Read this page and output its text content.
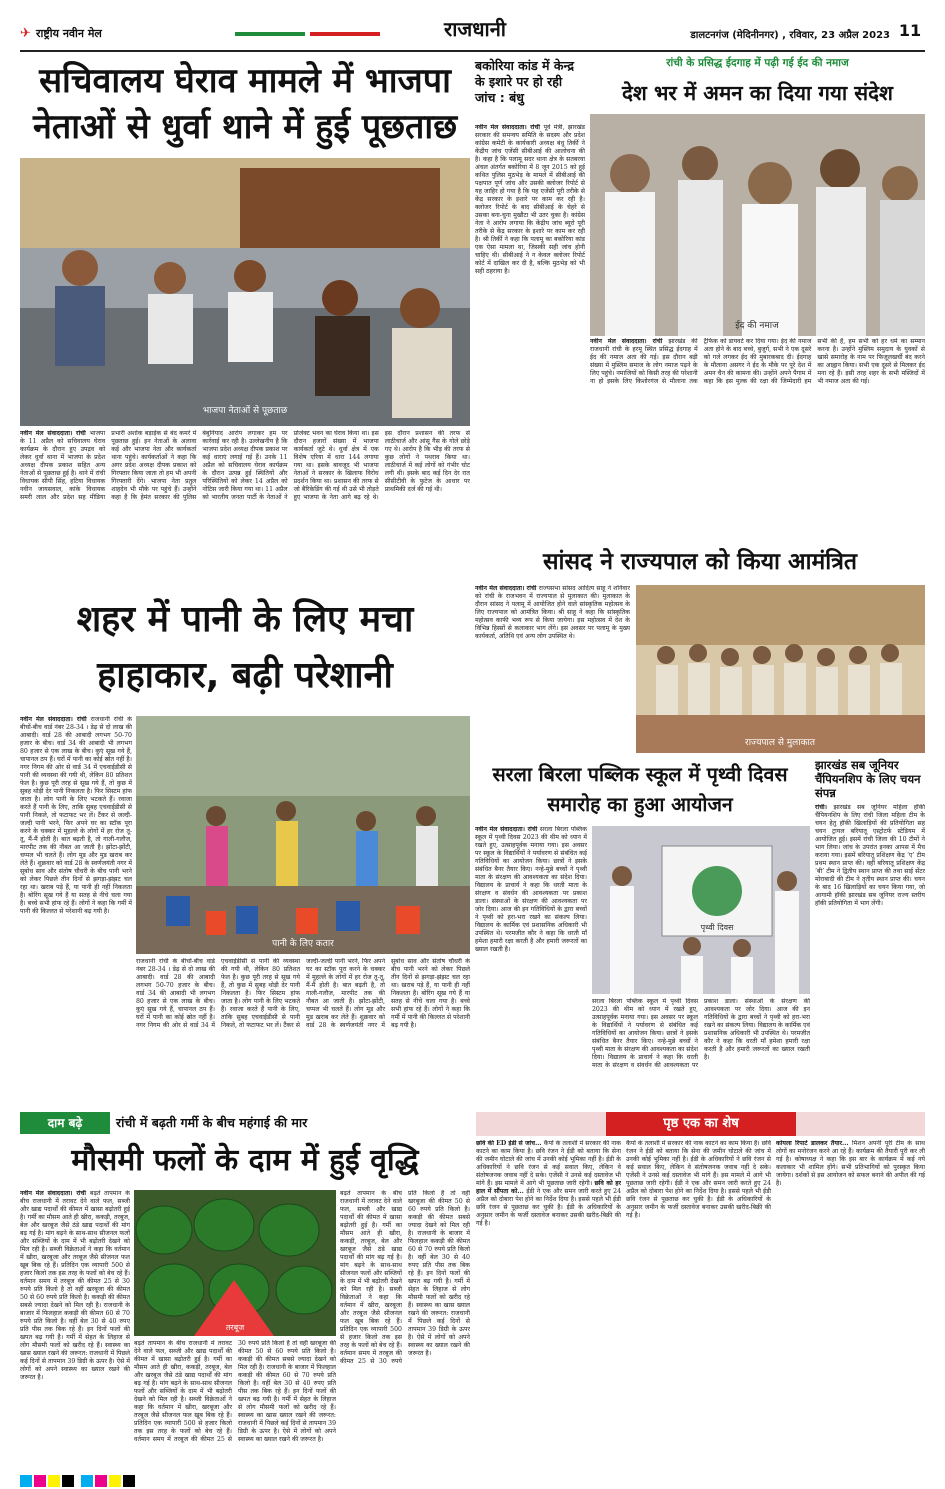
✈ राष्ट्रीय नवीन मेल	राजधानी	डालटनगंज (मेदिनीनगर) , रविवार, 23 अप्रैल 2023 11
सचिवालय घेराव मामले में भाजपा नेताओं से धुर्वा थाने में हुई पूछताछ
भाजपा नेताओं से पूछताछ
नवीन मेल संवाददाता। रांची भाजपा के 11 अप्रैल को सचिवालय घेराव कार्यक्रम के दौरान हुए उपद्रव को लेकर धुर्वा थाना में भाजपा के प्रदेश अध्यक्ष दीपक प्रकाश सहित अन्य नेताओं से पूछताछ हुई है। थाने में रांची विधायक सीपी सिंह, हटिया विधायक नवीन जायसवाल, कांके विधायक समरी लाल और प्रदेश सह मीडिया प्रभारी अशोक बड़ाईक से बंद कमरे में पूछताछ हुई। इन नेताओं के अलावा कई और भाजपा नेता और कार्यकर्ता थाना पहुंचे। कार्यकर्ताओं ने कहा कि अगर प्रदेश अध्यक्ष दीपक प्रकाश को गिरफ्तार किया जाता तो हम भी अपनी गिरफ्तारी देंगे। भाजपा नेता प्रतुल शाहदेव भी मौके पर पहुंचे हैं। उन्होंने कहा है कि हेमंत सरकार की पुलिस बेबुनियाद आरोप लगाकर हम पर कार्रवाई कर रही है। उल्लेखनीय है कि भाजपा प्रदेश अध्यक्ष दीपक प्रकाश पर कई धाराएं लगाई गई हैं। उनके 11 अप्रैल को सचिवालय घेराव कार्यक्रम के दौरान उत्पन्न हुई स्थितियों और परिस्थितियों को लेकर 14 अप्रैल को नोटिस जारी किया गया था। 11 अप्रैल को भारतीय जनता पार्टी के नेताओं ने प्रोजेक्ट भवन का घेराव किया था। इस दौरान हजारों संख्या में भाजपा कार्यकर्ता जुटे थे। धुर्वा क्षेत्र में एक विशेष एरिया में धारा 144 लगाया गया था। इसके बावजूद भी भाजपा नेताओं ने सरकार के खिलाफ विरोध प्रदर्शन किया था। प्रशासन की तरफ से जो बैरिकेडिंग की गई थी उसे भी तोड़ते हुए भाजपा के नेता आगे बढ़ रहे थे। इस दौरान प्रशासन की तरफ से लाठीचार्ज और आंसू गैस के गोले छोड़े गए थे। आरोप है कि भीड़ की तरफ से कुछ लोगों ने पथराव किया था। लाठीचार्ज में कई लोगों को गंभीर चोट लगी थी। इसके बाद कई दिन देर रात सीसीटीवी के फुटेज के आधार पर प्राथमिकी दर्ज की गई थी।
बकोरिया कांड में केन्द्र के इशारे पर हो रही जांच : बंधु
नवीन मेल संवाददाता। रांची पूर्व मंत्री, झारखंड सरकार की समन्वय समिति के सदस्य और प्रदेश कांग्रेस कमेटी के कार्यकारी अध्यक्ष बंधु तिर्की ने केंद्रीय जांच एजेंसी सीबीआई की आलोचना की है। कहा है कि पलामू सदर थाना क्षेत्र के सतबरवा अंचल अंतर्गत बकोरिया में 8 जून 2015 को हुई कथित पुलिस मुठभेड़ के मामले में सीबीआई की पक्षपात पूर्ण जांच और उसकी क्लोजर रिपोर्ट से यह जाहिर हो गया है कि यह एजेंसी पूरी तरीके से केंद्र सरकार के इशारे पर काम कर रही है। क्लोजर रिपोर्ट के बाद सीबीआई के चेहरे से उसका बना-चुना मुखौटा भी उतर चुका है। कांग्रेस नेता ने आरोप लगाया कि केंद्रीय जांच ब्यूरो पूरी तरीके से केंद्र सरकार के इशारे पर काम कर रही है। श्री तिर्की ने कहा कि पलामू का बकोरिया कांड एक ऐसा मामला था, जिसकी सही जांच होनी चाहिए थी। सीबीआई ने न केवल क्लोजर रिपोर्ट कोर्ट में दाखिल कर दी है, बल्कि मुठभेड़ को भी सही ठहराया है।
रांची के प्रसिद्ध ईदगाह में पढ़ी गई ईद की नमाज
देश भर में अमन का दिया गया संदेश
ईद की नमाज
नवीन मेल संवाददाता। रांची झारखंड की राजधानी रांची के हरमू स्थित प्रसिद्ध ईदगाह में ईद की नमाज अता की गई। इस दौरान बड़ी संख्या में मुस्लिम समाज के लोग नमाज पढ़ने के लिए पहुंचे। नमाजियों को किसी तरह की परेशानी ना हो इसके लिए किशोरगंज से मौलाना तक ट्रैफिक को डायवर्ट कर दिया गया। ईद की नमाज अता होने के बाद बच्चे, बुजुर्ग, सभी ने एक दूसरे को गले लगकर ईद की मुबारकबाद दी। ईदगाह के मौलाना असगर ने ईद के मौके पर पूरे देश में अमन चैन की कामना की। उन्होंने अपने पैगाम में कहा कि इस मुल्क की रक्षा की जिम्मेदारी हम सभी की है, हम सभी को हर धर्म का सम्मान करना है। उन्होंने मुस्लिम समुदाय के युवकों से खासे समारोह के नाम पर फिजूलखर्ची बंद करने का आह्वान किया। सभी एक दूसरे से मिलकर ईद मना रहे हैं। इसी तरह शहर के सभी मस्जिदों में भी नमाज अता की गई।
सांसद ने राज्यपाल को किया आमंत्रित
नवीन मेल संवाददाता। रांची राज्यसभा सांसद आदित्य साहू ने शनिवार को रांची के राजभवन में राज्यपाल से मुलाकात की। मुलाकात के दौरान सांसद ने पलामू में आयोजित होने वाले सांस्कृतिक महोत्सव के लिए राज्यपाल को आमंत्रित किया। श्री साहू ने कहा कि सांस्कृतिक महोत्सव काफी भव्य रूप से किया जायेगा। इस महोत्सव में देश के विभिन्न हिस्सों से कलाकार भाग लेंगे। इस अवसर पर पलामू के मुख्य कार्यकर्ता, अतिथि एवं अन्य लोग उपस्थित थे।
राज्यपाल से मुलाकात
शहर में पानी के लिए मचा हाहाकार, बढ़ी परेशानी
नवीन मेल संवाददाता। रांची राजधानी रांची के बीचों-बीच वार्ड नंबर 28-34 । डेढ़ से दो लाख की आबादी। वार्ड 28 की आबादी लगभग 50-70 हजार के बीच। वार्ड 34 की आबादी भी लगभग 80 हजार से एक लाख के बीच। कुएं सूख गये हैं, चापानल ठप हैं। घरों में पानी का कोई स्रोत नहीं है। नगर निगम की ओर से वार्ड 34 में एचवाईडीसी से पानी की व्यवस्था की गयी थी, लेकिन 80 प्रतिशत फेल है। कुछ पूरी तरह से सूख गये हैं, तो कुछ में सुबह थोड़ी देर पानी निकलता है। फिर सिस्टम हांफ जाता है। लोग पानी के लिए भटकते हैं। रवाजा करते हैं पानी के लिए, ताकि सुबह एचवाईडीसी से पानी निकले, तो फटाफट भर लें। टैंकर से जल्दी-जल्दी पानी भरने, फिर अपने घर का स्टॉक पूरा करने के चक्कर में मुहल्ले के लोगों में हर रोज तू-तू, मैं-मैं होती है। बात बढ़ती है, तो गाली-गलौज, मारपीट तक की नौबत आ जाती है। झोंटा-झोंटी, चप्पल भी चलते हैं। लोग मूड और मुड खराब कर लेते हैं। शुक्रवार को वार्ड 28 के स्वर्णजयंती नगर में सुबोध साव और संतोष चौधरी के बीच पानी भरने को लेकर पिछले तीन दिनों से झगड़ा-झंझट चल रहा था। खराब पड़े हैं, या पानी ही नहीं निकलता है। बोरिंग सूख गये हैं या सतह से नीचे चला गया है। बच्चे सभी हांफ रहे हैं। लोगों ने कहा कि गर्मी में पानी की किल्लत से परेशानी बढ़ गयी है।
पानी के लिए कतार
राजधानी रांची के बीचों-बीच वार्ड नंबर 28-34 । डेढ़ से दो लाख की आबादी। वार्ड 28 की आबादी लगभग 50-70 हजार के बीच। वार्ड 34 की आबादी भी लगभग 80 हजार से एक लाख के बीच। कुएं सूख गये हैं, चापानल ठप हैं। घरों में पानी का कोई स्रोत नहीं है। नगर निगम की ओर से वार्ड 34 में एचवाईडीसी से पानी की व्यवस्था की गयी थी, लेकिन 80 प्रतिशत फेल है। कुछ पूरी तरह से सूख गये हैं, तो कुछ में सुबह थोड़ी देर पानी निकलता है। फिर सिस्टम हांफ जाता है। लोग पानी के लिए भटकते हैं। रवाजा करते हैं पानी के लिए, ताकि सुबह एचवाईडीसी से पानी निकले, तो फटाफट भर लें। टैंकर से जल्दी-जल्दी पानी भरने, फिर अपने घर का स्टॉक पूरा करने के चक्कर में मुहल्ले के लोगों में हर रोज तू-तू, मैं-मैं होती है। बात बढ़ती है, तो गाली-गलौज, मारपीट तक की नौबत आ जाती है। झोंटा-झोंटी, चप्पल भी चलते हैं। लोग मूड और मुड खराब कर लेते हैं। शुक्रवार को वार्ड 28 के स्वर्णजयंती नगर में सुबोध साव और संतोष चौधरी के बीच पानी भरने को लेकर पिछले तीन दिनों से झगड़ा-झंझट चल रहा था। खराब पड़े हैं, या पानी ही नहीं निकलता है। बोरिंग सूख गये हैं या सतह से नीचे चला गया है। बच्चे सभी हांफ रहे हैं। लोगों ने कहा कि गर्मी में पानी की किल्लत से परेशानी बढ़ गयी है।
सरला बिरला पब्लिक स्कूल में पृथ्वी दिवस समारोह का हुआ आयोजन
नवीन मेल संवाददाता। रांची सरला बिरला पब्लिक स्कूल में पृथ्वी दिवस 2023 की थीम को ध्यान में रखते हुए, उत्साहपूर्वक मनाया गया। इस अवसर पर स्कूल के विद्यार्थियों ने पर्यावरण से संबंधित कई गतिविधियों का आयोजन किया। छात्रों ने इसके संबंधित बैनर तैयार किए। नन्हे-मुन्ने बच्चों ने पृथ्वी माता के संरक्षण की आवश्यकता का संदेश दिया। विद्यालय के प्राचार्य ने कहा कि धरती माता के संरक्षण व संवर्धन की आवश्यकता पर प्रकाश डाला। संस्थाओं के संरक्षण की आवश्यकता पर जोर दिया। आज की इन गतिविधियों के द्वारा बच्चों ने पृथ्वी को हरा-भरा रखने का संकल्प लिया। विद्यालय के कार्मिक एवं प्रशासनिक अधिकारी भी उपस्थित थे। परमजीत कौर ने कहा कि धरती माँ हमेशा हमारी रक्षा करती है और हमारी जरूरतों का ख्याल रखती है।
पृथ्वी दिवस
सरला बिरला पब्लिक स्कूल में पृथ्वी दिवस 2023 की थीम को ध्यान में रखते हुए, उत्साहपूर्वक मनाया गया। इस अवसर पर स्कूल के विद्यार्थियों ने पर्यावरण से संबंधित कई गतिविधियों का आयोजन किया। छात्रों ने इसके संबंधित बैनर तैयार किए। नन्हे-मुन्ने बच्चों ने पृथ्वी माता के संरक्षण की आवश्यकता का संदेश दिया। विद्यालय के प्राचार्य ने कहा कि धरती माता के संरक्षण व संवर्धन की आवश्यकता पर प्रकाश डाला। संस्थाओं के संरक्षण की आवश्यकता पर जोर दिया। आज की इन गतिविधियों के द्वारा बच्चों ने पृथ्वी को हरा-भरा रखने का संकल्प लिया। विद्यालय के कार्मिक एवं प्रशासनिक अधिकारी भी उपस्थित थे। परमजीत कौर ने कहा कि धरती माँ हमेशा हमारी रक्षा करती है और हमारी जरूरतों का ख्याल रखती है।
झारखंड सब जूनियर चैंपियनशिप के लिए चयन संपन्न
रांची। झारखंड सब जूनियर महिला हॉकी चैंपियनशिप के लिए रांची जिला महिला टीम के चयन हेतु हॉकी खिलाड़ियों की प्रतियोगिता सह चयन ट्रायल बरियातू एस्ट्रोटर्फ स्टेडियम में आयोजित हुई। इसमें रांची जिला की 10 टीमों ने भाग लिया। जांच के उपरांत इनका आपस में मैच कराया गया। इसमें बरियातू प्रशिक्षण केंद्र ‘ए’ टीम प्रथम स्थान प्राप्त की। वहीं बरियातू प्रशिक्षण केंद्र ‘बी’ टीम ने द्वितीय स्थान प्राप्त की तथा साई सेंटर मोराबादी की टीम ने तृतीय स्थान प्राप्त की। चयन के बाद 16 खिलाड़ियों का चयन किया गया, जो आगामी हॉकी झारखंड सब जूनियर राज्य स्तरीय हॉकी प्रतियोगिता में भाग लेंगी।
दाम बढ़े	रांची में बढ़ती गर्मी के बीच महंगाई की मार
मौसमी फलों के दाम में हुई वृद्धि
नवीन मेल संवाददाता। रांची बढ़ते तापमान के बीच राजधानी में तरावट देने वाले फल, सब्जी और खाद्य पदार्थों की कीमत में खासा बढ़ोतरी हुई है। गर्मी का मौसम आते ही खीरा, ककड़ी, तरबूज, बेल और खरबूज जैसे ठंडे खाद्य पदार्थों की मांग बढ़ गई है। मांग बढ़ने के साथ-साथ सीजनल फलों और सब्जियों के दाम में भी बढ़ोतरी देखने को मिल रही है। सब्जी विक्रेताओं ने कहा कि वर्तमान में खीरा, खरबूजा और तरबूज जैसे सीजनल फल खूब बिक रहे हैं। प्रतिदिन एक व्यापारी 500 से हजार किलो तक इस तरह के फलों को बेच रहे हैं। वर्तमान समय में तरबूज की कीमत 25 से 30 रुपये प्रति किलो है तो वहीं खरबूजा की कीमत 50 से 60 रुपये प्रति किलो है। ककड़ी की कीमत सबसे ज्यादा देखने को मिल रही है। राजधानी के बाजार में फिलहाल ककड़ी की कीमत 60 से 70 रुपये प्रति किलो है। वहीं बेल 30 से 40 रुपए प्रति पीस तक बिक रहे हैं। इन दिनों फलों की खपत बढ़ गयी है। गर्मी में सेहत के लिहाज से लोग मौसमी फलों को खरीद रहे हैं। स्वास्थ्य का खास ख्याल रखने की जरूरत: राजधानी में पिछले कई दिनों से तापमान 39 डिग्री के ऊपर है। ऐसे में लोगों को अपने स्वास्थ्य का ख्याल रखने की जरूरत है।
तरबूज
बढ़ते तापमान के बीच राजधानी में तरावट देने वाले फल, सब्जी और खाद्य पदार्थों की कीमत में खासा बढ़ोतरी हुई है। गर्मी का मौसम आते ही खीरा, ककड़ी, तरबूज, बेल और खरबूज जैसे ठंडे खाद्य पदार्थों की मांग बढ़ गई है। मांग बढ़ने के साथ-साथ सीजनल फलों और सब्जियों के दाम में भी बढ़ोतरी देखने को मिल रही है। सब्जी विक्रेताओं ने कहा कि वर्तमान में खीरा, खरबूजा और तरबूज जैसे सीजनल फल खूब बिक रहे हैं। प्रतिदिन एक व्यापारी 500 से हजार किलो तक इस तरह के फलों को बेच रहे हैं। वर्तमान समय में तरबूज की कीमत 25 से 30 रुपये प्रति किलो है तो वहीं खरबूजा की कीमत 50 से 60 रुपये प्रति किलो है। ककड़ी की कीमत सबसे ज्यादा देखने को मिल रही है। राजधानी के बाजार में फिलहाल ककड़ी की कीमत 60 से 70 रुपये प्रति किलो है। वहीं बेल 30 से 40 रुपए प्रति पीस तक बिक रहे हैं। इन दिनों फलों की खपत बढ़ गयी है। गर्मी में सेहत के लिहाज से लोग मौसमी फलों को खरीद रहे हैं। स्वास्थ्य का खास ख्याल रखने की जरूरत: राजधानी में पिछले कई दिनों से तापमान 39 डिग्री के ऊपर है। ऐसे में लोगों को अपने स्वास्थ्य का ख्याल रखने की जरूरत है।
बढ़ते तापमान के बीच राजधानी में तरावट देने वाले फल, सब्जी और खाद्य पदार्थों की कीमत में खासा बढ़ोतरी हुई है। गर्मी का मौसम आते ही खीरा, ककड़ी, तरबूज, बेल और खरबूज जैसे ठंडे खाद्य पदार्थों की मांग बढ़ गई है। मांग बढ़ने के साथ-साथ सीजनल फलों और सब्जियों के दाम में भी बढ़ोतरी देखने को मिल रही है। सब्जी विक्रेताओं ने कहा कि वर्तमान में खीरा, खरबूजा और तरबूज जैसे सीजनल फल खूब बिक रहे हैं। प्रतिदिन एक व्यापारी 500 से हजार किलो तक इस तरह के फलों को बेच रहे हैं। वर्तमान समय में तरबूज की कीमत 25 से 30 रुपये प्रति किलो है तो वहीं खरबूजा की कीमत 50 से 60 रुपये प्रति किलो है। ककड़ी की कीमत सबसे ज्यादा देखने को मिल रही है। राजधानी के बाजार में फिलहाल ककड़ी की कीमत 60 से 70 रुपये प्रति किलो है। वहीं बेल 30 से 40 रुपए प्रति पीस तक बिक रहे हैं। इन दिनों फलों की खपत बढ़ गयी है। गर्मी में सेहत के लिहाज से लोग मौसमी फलों को खरीद रहे हैं। स्वास्थ्य का खास ख्याल रखने की जरूरत: राजधानी में पिछले कई दिनों से तापमान 39 डिग्री के ऊपर है। ऐसे में लोगों को अपने स्वास्थ्य का ख्याल रखने की जरूरत है।
पृष्ठ एक का शेष
छवि की ED ईडी से जांच... कैंपों के तलाशी में सरकार की नाक काटने का काम किया है। छवि रंजन ने ईडी को बताया कि सेना की जमीन घोटाले की जांच में उनकी कोई भूमिका नहीं है। ईडी के अधिकारियों ने छवि रंजन से कई सवाल किए, लेकिन वे संतोषजनक जवाब नहीं दे सके। एजेंसी ने उनसे कई दस्तावेज भी मांगे हैं। इस मामले में आगे भी पूछताछ जारी रहेगी। छवि को हर हाल में सौंपता को... ईडी ने एक और समन जारी करते हुए 24 अप्रैल को दोबारा पेश होने का निर्देश दिया है। इससे पहले भी ईडी छवि रंजन से पूछताछ कर चुकी है। ईडी के अधिकारियों के अनुसार जमीन के फर्जी दस्तावेज बनाकर उसकी खरीद-बिक्री की गई है।
कैंपों के तलाशी में सरकार की नाक काटने का काम किया है। छवि रंजन ने ईडी को बताया कि सेना की जमीन घोटाले की जांच में उनकी कोई भूमिका नहीं है। ईडी के अधिकारियों ने छवि रंजन से कई सवाल किए, लेकिन वे संतोषजनक जवाब नहीं दे सके। एजेंसी ने उनसे कई दस्तावेज भी मांगे हैं। इस मामले में आगे भी पूछताछ जारी रहेगी। ईडी ने एक और समन जारी करते हुए 24 अप्रैल को दोबारा पेश होने का निर्देश दिया है। इससे पहले भी ईडी छवि रंजन से पूछताछ कर चुकी है। ईडी के अधिकारियों के अनुसार जमीन के फर्जी दस्तावेज बनाकर उसकी खरीद-बिक्री की गई है।
कोयला रिपार्ट डालकर तैयार... मिशन अपनी पूरी टीम के साथ लोगों का मनोरंजन करने आ रहे हैं। कार्यक्रम की तैयारी पूरी कर ली गई है। कोषाध्यक्ष ने कहा कि इस बार के कार्यक्रम में कई नये कलाकार भी शामिल होंगे। सभी प्रतिभागियों को पुरस्कृत किया जायेगा। दर्शकों से इस आयोजन को सफल बनाने की अपील की गई है।
